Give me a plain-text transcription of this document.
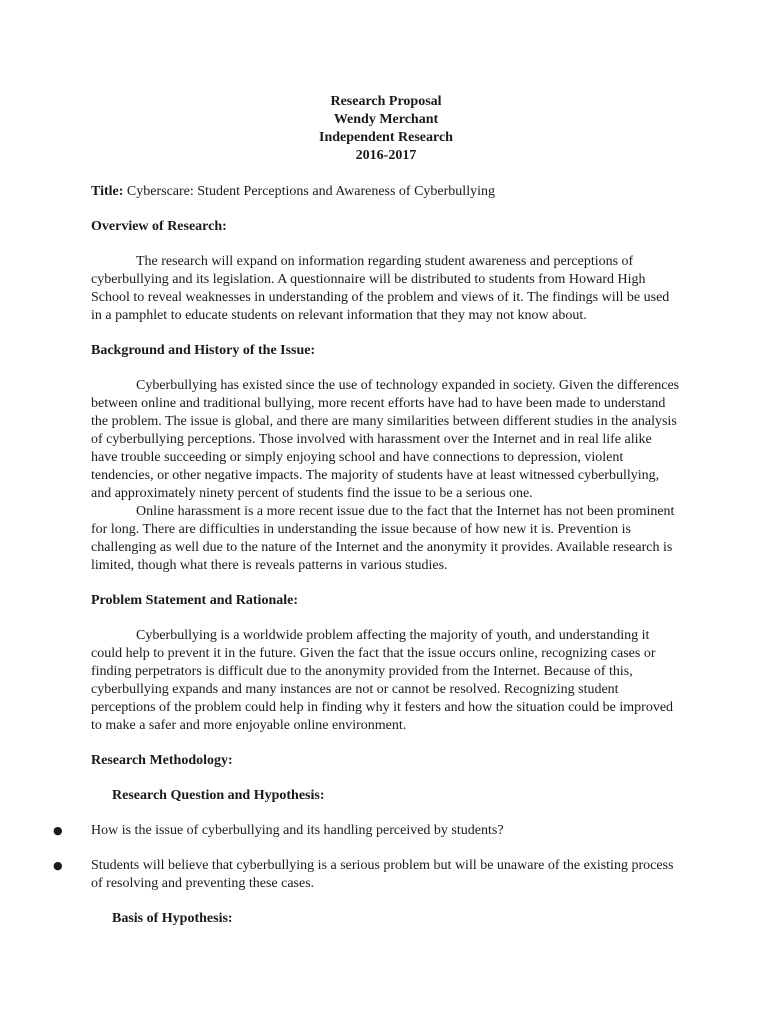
Research Proposal
Wendy Merchant
Independent Research
2016-2017

Title: Cyberscare: Student Perceptions and Awareness of Cyberbullying

Overview of Research:

The research will expand on information regarding student awareness and perceptions of cyberbullying and its legislation. A questionnaire will be distributed to students from Howard High School to reveal weaknesses in understanding of the problem and views of it. The findings will be used in a pamphlet to educate students on relevant information that they may not know about.

Background and History of the Issue:

Cyberbullying has existed since the use of technology expanded in society. Given the differences between online and traditional bullying, more recent efforts have had to have been made to understand the problem. The issue is global, and there are many similarities between different studies in the analysis of cyberbullying perceptions. Those involved with harassment over the Internet and in real life alike have trouble succeeding or simply enjoying school and have connections to depression, violent tendencies, or other negative impacts. The majority of students have at least witnessed cyberbullying, and approximately ninety percent of students find the issue to be a serious one.

Online harassment is a more recent issue due to the fact that the Internet has not been prominent for long. There are difficulties in understanding the issue because of how new it is. Prevention is challenging as well due to the nature of the Internet and the anonymity it provides. Available research is limited, though what there is reveals patterns in various studies.

Problem Statement and Rationale:

Cyberbullying is a worldwide problem affecting the majority of youth, and understanding it could help to prevent it in the future. Given the fact that the issue occurs online, recognizing cases or finding perpetrators is difficult due to the anonymity provided from the Internet. Because of this, cyberbullying expands and many instances are not or cannot be resolved. Recognizing student perceptions of the problem could help in finding why it festers and how the situation could be improved to make a safer and more enjoyable online environment.

Research Methodology:

Research Question and Hypothesis:

● How is the issue of cyberbullying and its handling perceived by students?
● Students will believe that cyberbullying is a serious problem but will be unaware of the existing process of resolving and preventing these cases.

Basis of Hypothesis:
